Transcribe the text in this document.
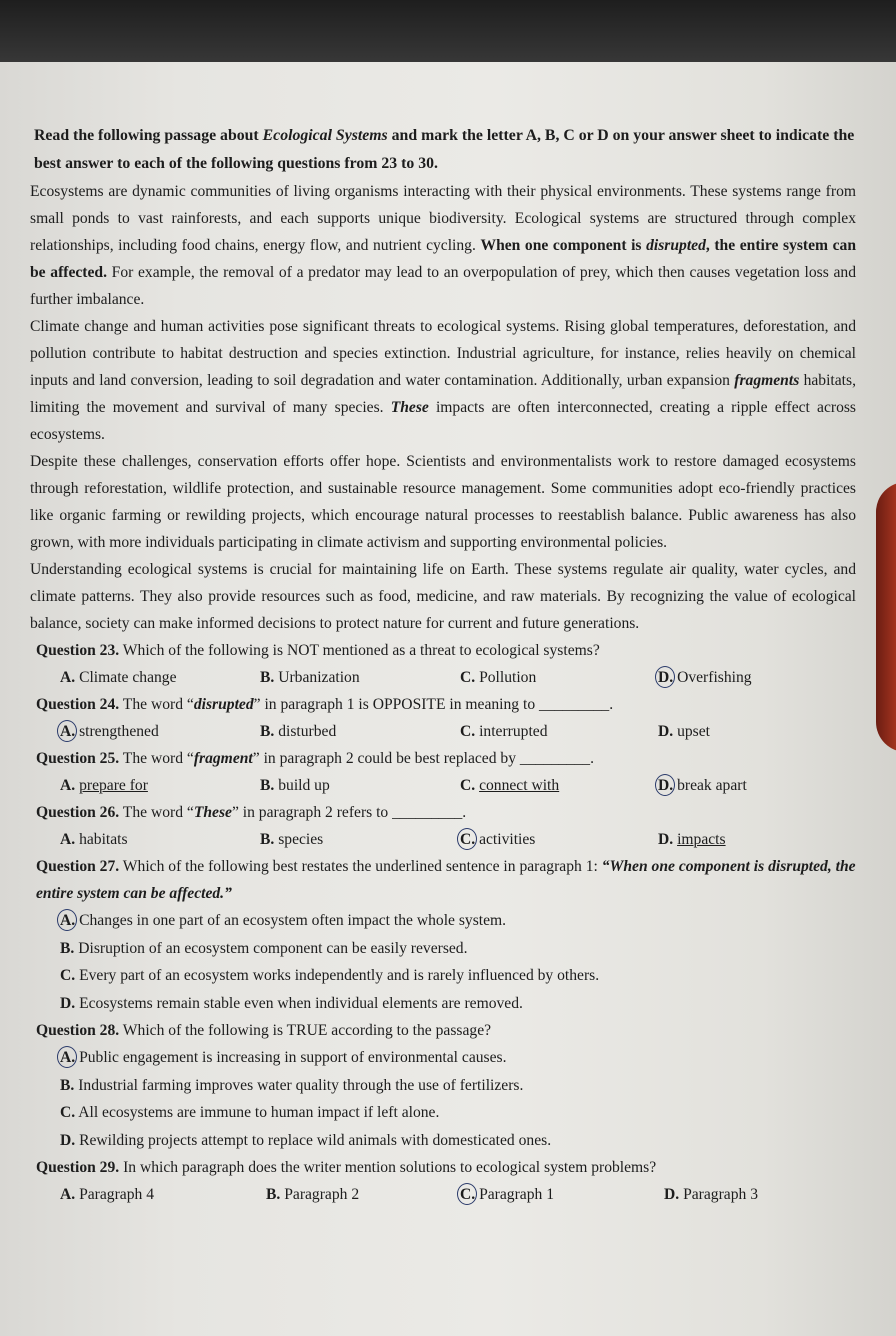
Read the following passage about Ecological Systems and mark the letter A, B, C or D on your answer sheet to indicate the best answer to each of the following questions from 23 to 30.

Ecosystems are dynamic communities of living organisms interacting with their physical environments. These systems range from small ponds to vast rainforests, and each supports unique biodiversity. Ecological systems are structured through complex relationships, including food chains, energy flow, and nutrient cycling. When one component is disrupted, the entire system can be affected. For example, the removal of a predator may lead to an overpopulation of prey, which then causes vegetation loss and further imbalance.

Climate change and human activities pose significant threats to ecological systems. Rising global temperatures, deforestation, and pollution contribute to habitat destruction and species extinction. Industrial agriculture, for instance, relies heavily on chemical inputs and land conversion, leading to soil degradation and water contamination. Additionally, urban expansion fragments habitats, limiting the movement and survival of many species. These impacts are often interconnected, creating a ripple effect across ecosystems.

Despite these challenges, conservation efforts offer hope. Scientists and environmentalists work to restore damaged ecosystems through reforestation, wildlife protection, and sustainable resource management. Some communities adopt eco-friendly practices like organic farming or rewilding projects, which encourage natural processes to reestablish balance. Public awareness has also grown, with more individuals participating in climate activism and supporting environmental policies.

Understanding ecological systems is crucial for maintaining life on Earth. These systems regulate air quality, water cycles, and climate patterns. They also provide resources such as food, medicine, and raw materials. By recognizing the value of ecological balance, society can make informed decisions to protect nature for current and future generations.

Question 23. Which of the following is NOT mentioned as a threat to ecological systems?

A. Climate change	B. Urbanization	C. Pollution	D. Overfishing

Question 24. The word “disrupted” in paragraph 1 is OPPOSITE in meaning to _________.

A. strengthened	B. disturbed	C. interrupted	D. upset

Question 25. The word “fragment” in paragraph 2 could be best replaced by _________.

A. prepare for	B. build up	C. connect with	D. break apart

Question 26. The word “These” in paragraph 2 refers to _________.

A. habitats	B. species	C. activities	D. impacts

Question 27. Which of the following best restates the underlined sentence in paragraph 1: “When one component is disrupted, the entire system can be affected.”

A. Changes in one part of an ecosystem often impact the whole system.
B. Disruption of an ecosystem component can be easily reversed.
C. Every part of an ecosystem works independently and is rarely influenced by others.
D. Ecosystems remain stable even when individual elements are removed.

Question 28. Which of the following is TRUE according to the passage?

A. Public engagement is increasing in support of environmental causes.
B. Industrial farming improves water quality through the use of fertilizers.
C. All ecosystems are immune to human impact if left alone.
D. Rewilding projects attempt to replace wild animals with domesticated ones.

Question 29. In which paragraph does the writer mention solutions to ecological system problems?

A. Paragraph 4	B. Paragraph 2	C. Paragraph 1	D. Paragraph 3
